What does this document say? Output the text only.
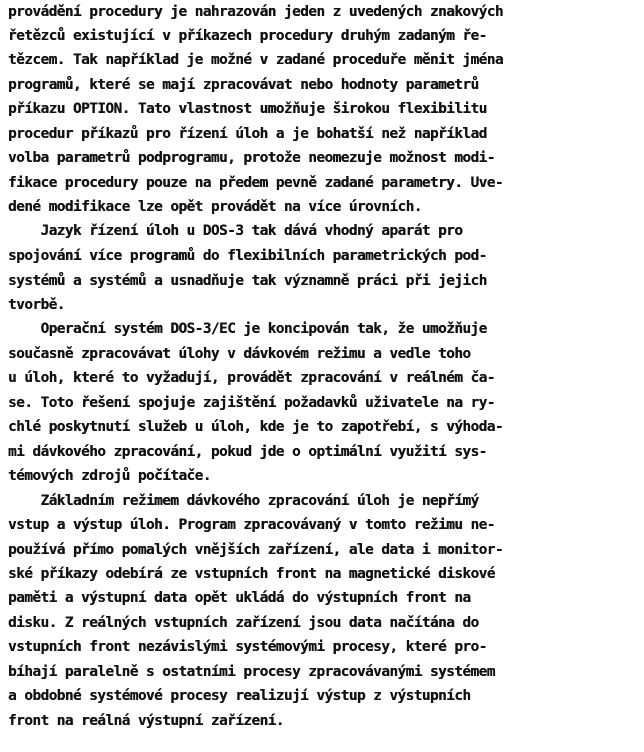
provádění procedury je nahrazován jeden z uvedených znakových
řetězců existující v příkazech procedury druhým zadaným ře-
tězcem. Tak například je možné v zadané proceduře měnit jména
programů, které se mají zpracovávat nebo hodnoty parametrů
příkazu OPTION. Tato vlastnost umožňuje širokou flexibilitu
procedur příkazů pro řízení úloh a je bohatší než například
volba parametrů podprogramu, protože neomezuje možnost modi-
fikace procedury pouze na předem pevně zadané parametry. Uve-
dené modifikace lze opět provádět na více úrovních.
Jazyk řízení úloh u DOS-3 tak dává vhodný aparát pro
spojování více programů do flexibilních parametrických pod-
systémů a systémů a usnadňuje tak významně práci při jejich
tvorbě.
Operační systém DOS-3/EC je koncipován tak, že umožňuje
současně zpracovávat úlohy v dávkovém režimu a vedle toho
u úloh, které to vyžadují, provádět zpracování v reálném ča-
se. Toto řešení spojuje zajištění požadavků uživatele na ry-
chlé poskytnutí služeb u úloh, kde je to zapotřebí, s výhoda-
mi dávkového zpracování, pokud jde o optimální využití sys-
témových zdrojů počítače.
Základním režimem dávkového zpracování úloh je nepřímý
vstup a výstup úloh. Program zpracovávaný v tomto režimu ne-
používá přímo pomalých vnějších zařízení, ale data i monitor-
ské příkazy odebírá ze vstupních front na magnetické diskové
paměti a výstupní data opět ukládá do výstupních front na
disku. Z reálných vstupních zařízení jsou data načítána do
vstupních front nezávislými systémovými procesy, které pro-
bíhají paralelně s ostatními procesy zpracovávanými systémem
a obdobné systémové procesy realizují výstup z výstupních
front na reálná výstupní zařízení.
